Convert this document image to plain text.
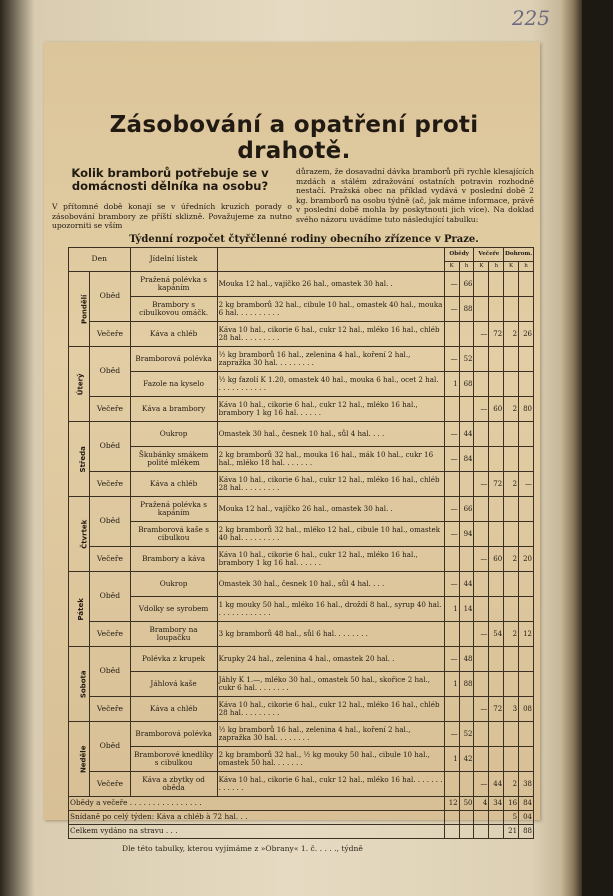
225
Zásobování a opatření proti drahotě.
Kolik bramborů potřebuje se v domácnosti dělníka na osobu?
V přítomné době konají se v úředních kruzích porady o zásobování brambory ze příští sklizně. Považujeme za nutno upozorniti se vším
důrazem, že dosavadní dávka bramborů při rychle klesajících mzdách a stálém zdražování ostatních potravin rozhodně nestačí. Pražská obec na příklad vydává v poslední době 2 kg. bramborů na osobu týdně (ač, jak máme informace, právě v poslední době mohla by poskytnouti jich více). Na doklad svého názoru uvádíme tuto následující tabulku:
Týdenní rozpočet čtyřčlenné rodiny obecního zřízence v Praze.
Den		Jídelní lístek		Obědy		Večeře		Dohrom.	
				K	h	K	h	K	h
Pondělí	Oběd	Pražená polévka s kapáním	Mouka 12 hal., vajíčko 26 hal., omastek 30 hal. .	—	66				
		Brambory s cibulkovou omáčk.	2 kg bramborů 32 hal., cibule 10 hal., omastek 40 hal., mouka 6 hal. . . . . . . . . .	—	88				
	Večeře	Káva a chléb	Káva 10 hal., cikorie 6 hal., cukr 12 hal., mléko 16 hal., chléb 28 hal. . . . . . . . .			—	72	2	26
Úterý	Oběd	Bramborová polévka	½ kg bramborů 16 hal., zelenina 4 hal., koření 2 hal., zapražka 30 hal. . . . . . . . .	—	52				
		Fazole na kyselo	½ kg fazolí K 1.20, omastek 40 hal., mouka 6 hal., ocet 2 hal. . . . . . . . . . . .	1	68				
	Večeře	Káva a brambory	Káva 10 hal., cikorie 6 hal., cukr 12 hal., mléko 16 hal., brambory 1 kg 16 hal. . . . . .			—	60	2	80
Středa	Oběd	Oukrop	Omastek 30 hal., česnek 10 hal., sůl 4 hal. . . .	—	44				
		Škubánky smákem polité mlékem	2 kg bramborů 32 hal., mouka 16 hal., mák 10 hal., cukr 16 hal., mléko 18 hal. . . . . . .	—	84				
	Večeře	Káva a chléb	Káva 10 hal., cikorie 6 hal., cukr 12 hal., mléko 16 hal., chléb 28 hal. . . . . . . . .			—	72	2	—
Čtvrtek	Oběd	Pražená polévka s kapáním	Mouka 12 hal., vajíčko 26 hal., omastek 30 hal. .	—	66				
		Bramborová kaše s cibulkou	2 kg bramborů 32 hal., mléko 12 hal., cibule 10 hal., omastek 40 hal. . . . . . . . .	—	94				
	Večeře	Brambory a káva	Káva 10 hal., cikorie 6 hal., cukr 12 hal., mléko 16 hal., brambory 1 kg 16 hal. . . . . .			—	60	2	20
Pátek	Oběd	Oukrop	Omastek 30 hal., česnek 10 hal., sůl 4 hal. . . .	—	44				
		Vdolky se syrobem	1 kg mouky 50 hal., mléko 16 hal., droždí 8 hal., syrup 40 hal. . . . . . . . . . . . .	1	14				
	Večeře	Brambory na loupačku	3 kg bramborů 48 hal., sůl 6 hal. . . . . . . .			—	54	2	12
Sobota	Oběd	Polévka z krupek	Krupky 24 hal., zelenina 4 hal., omastek 20 hal. .	—	48				
		Jáhlová kaše	Jáhly K 1.—, mléko 30 hal., omastek 50 hal., skořice 2 hal., cukr 6 hal. . . . . . . .	1	88				
	Večeře	Káva a chléb	Káva 10 hal., cikorie 6 hal., cukr 12 hal., mléko 16 hal., chléb 28 hal. . . . . . . . .			—	72	3	08
Neděle	Oběd	Bramborová polévka	½ kg bramborů 16 hal., zelenina 4 hal., koření 2 hal., zapražka 30 hal. . . . . . . .	—	52				
		Bramborové knedlíky s cibulkou	2 kg bramborů 32 hal., ½ kg mouky 50 hal., cibule 10 hal., omastek 50 hal. . . . . . .	1	42				
	Večeře	Káva a zbytky od oběda	Káva 10 hal., cikorie 6 hal., cukr 12 hal., mléko 16 hal. . . . . . . . . . . . .			—	44	2	38
Obědy a večeře . . . . . . . . . . . . . . . .				12	50	4	34	16	84
Snídaně po celý týden: Káva a chléb à 72 hal. . .								5	04
Celkem vydáno na stravu . . .								21	88
Dle této tabulky, kterou vyjímáme z »Obrany« 1. č. . . . ., týdně
